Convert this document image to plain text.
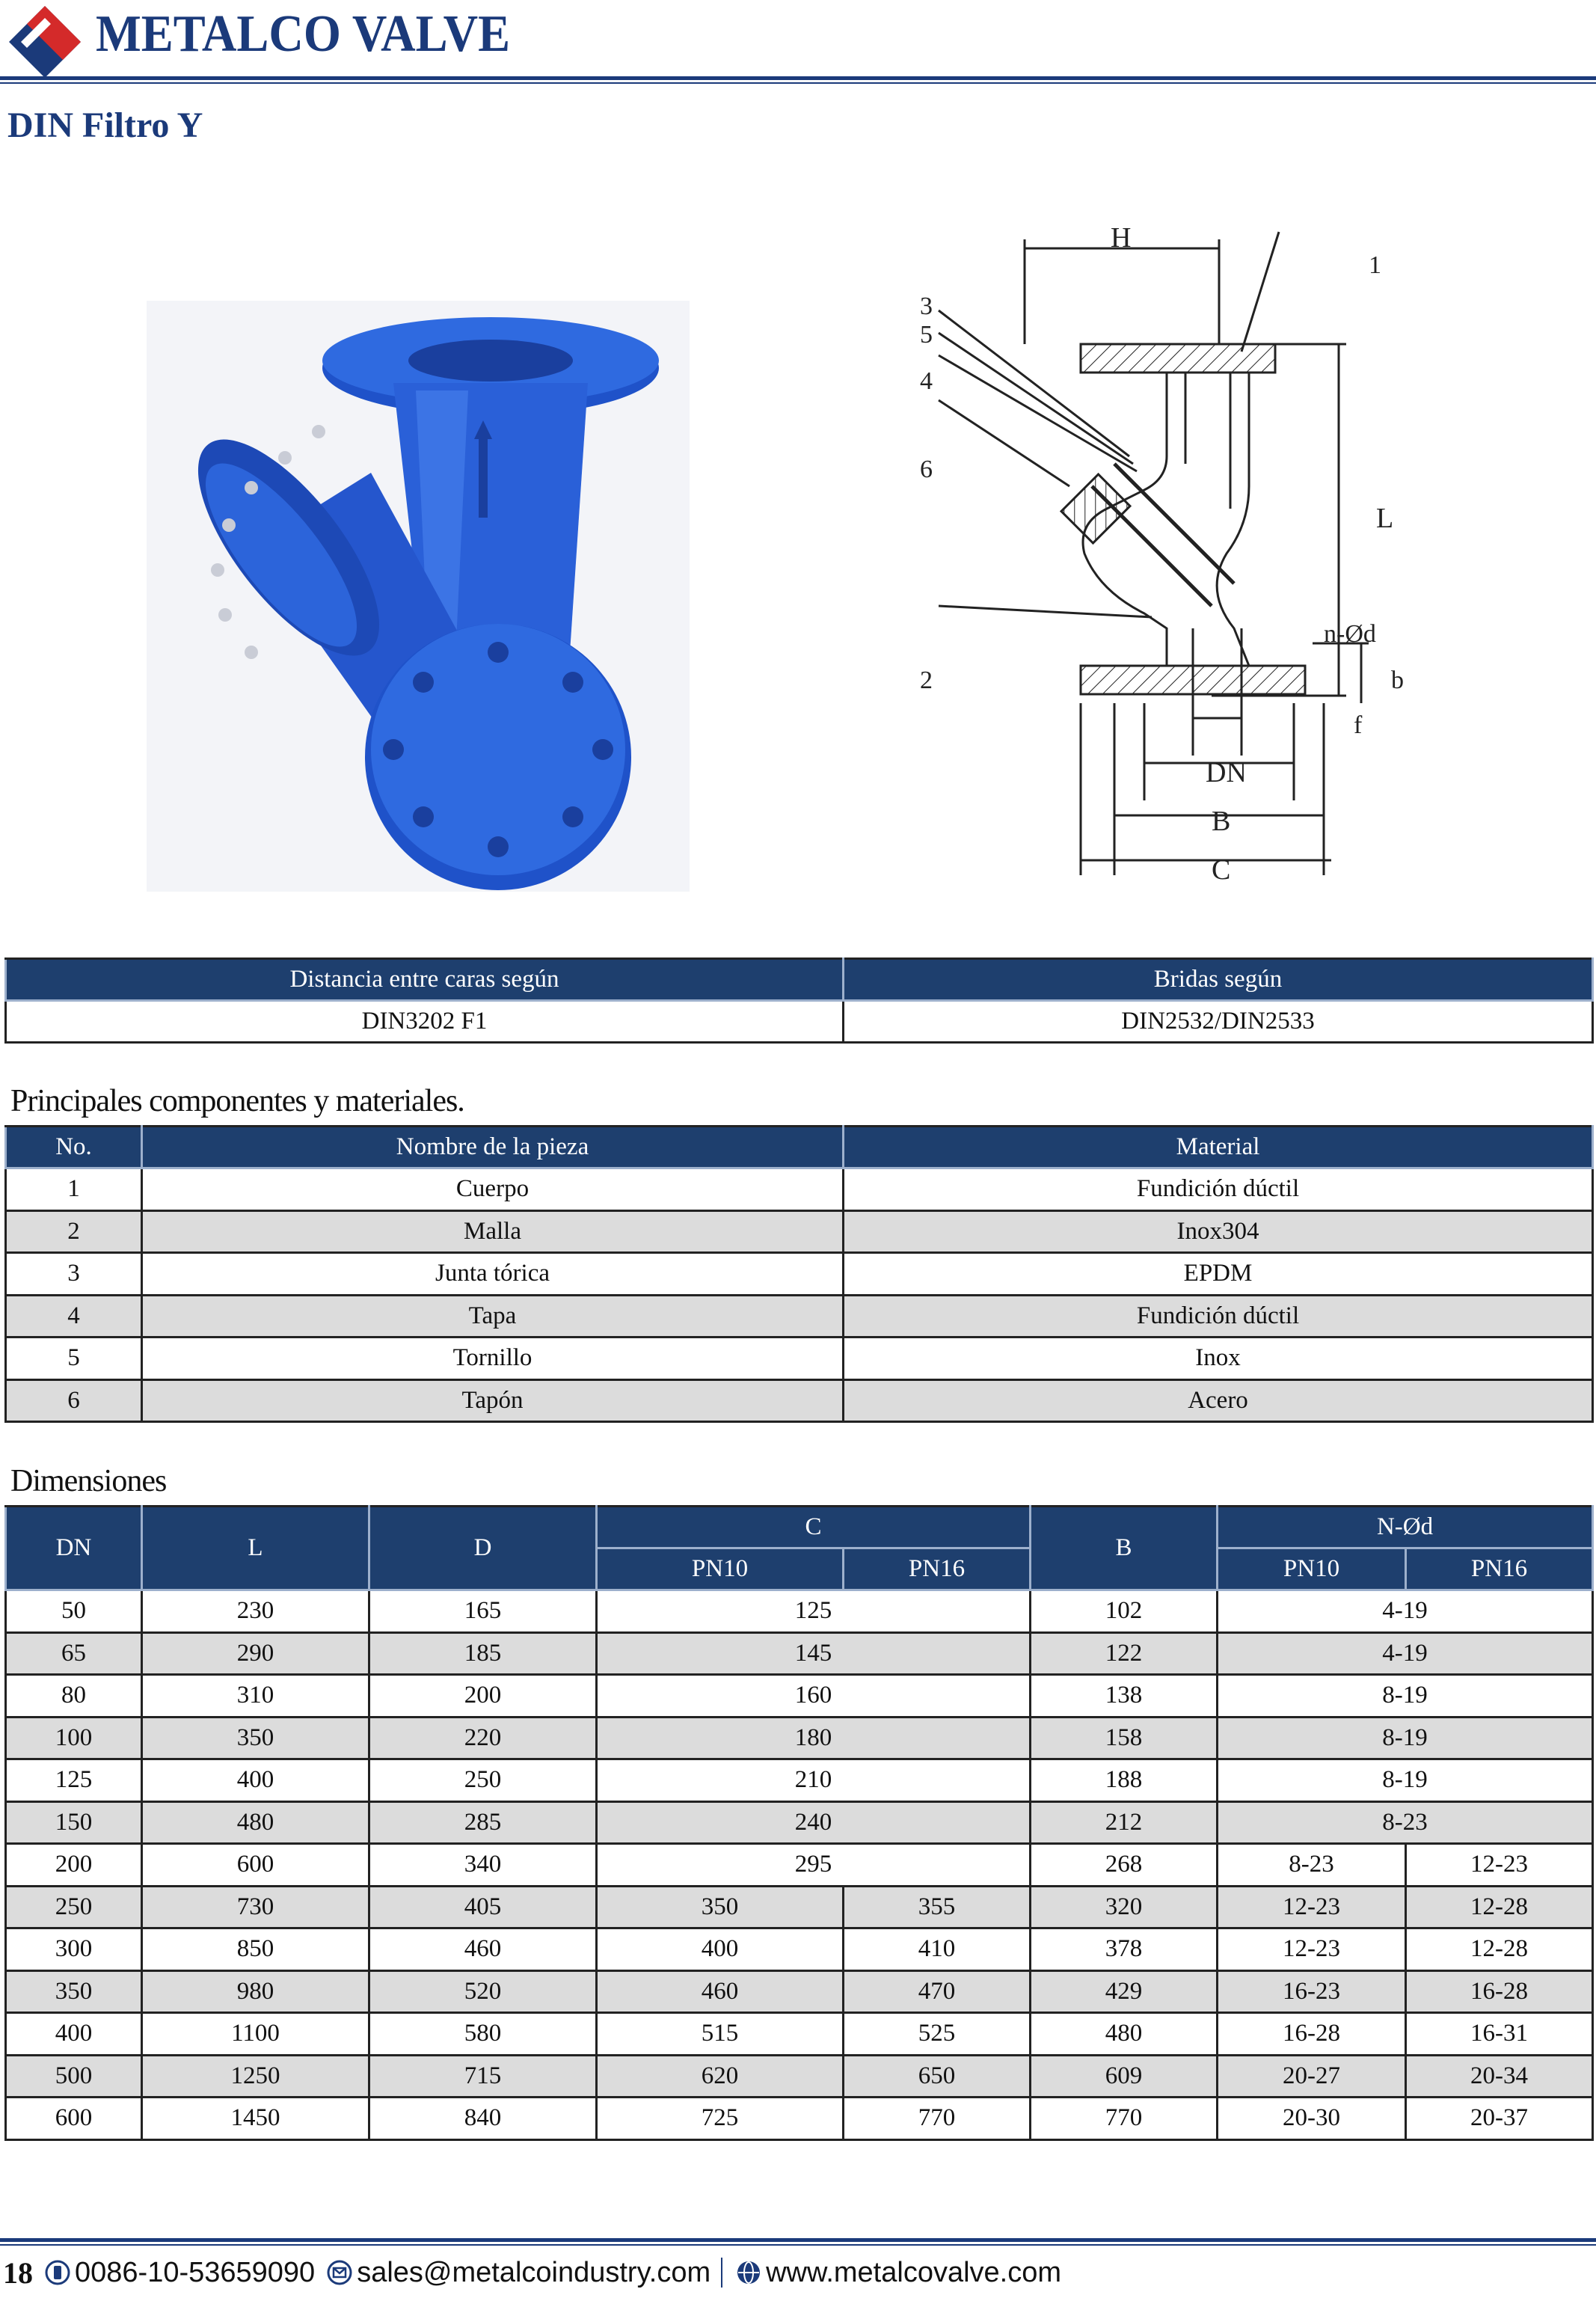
METALCO VALVE
DIN Filtro Y
H
L
DN
B
C
n-Ød
b
f
1
3
5
4
6
2
Distancia entre caras según	Bridas según
DIN3202 F1	DIN2532/DIN2533
Principales componentes y materiales.
No.	Nombre de la pieza	Material
1	Cuerpo	Fundición dúctil
2	Malla	Inox304
3	Junta tórica	EPDM
4	Tapa	Fundición dúctil
5	Tornillo	Inox
6	Tapón	Acero
Dimensiones
DN	L	D	C		B	N-Ød	
			PN10	PN16		PN10	PN16
50	230	165	125		102	4-19	
65	290	185	145		122	4-19	
80	310	200	160		138	8-19	
100	350	220	180		158	8-19	
125	400	250	210		188	8-19	
150	480	285	240		212	8-23	
200	600	340	295		268	8-23	12-23
250	730	405	350	355	320	12-23	12-28
300	850	460	400	410	378	12-23	12-28
350	980	520	460	470	429	16-23	16-28
400	1100	580	515	525	480	16-28	16-31
500	1250	715	620	650	609	20-27	20-34
600	1450	840	725	770	770	20-30	20-37
18 0086-10-53659090 sales@metalcoindustry.com www.metalcovalve.com
